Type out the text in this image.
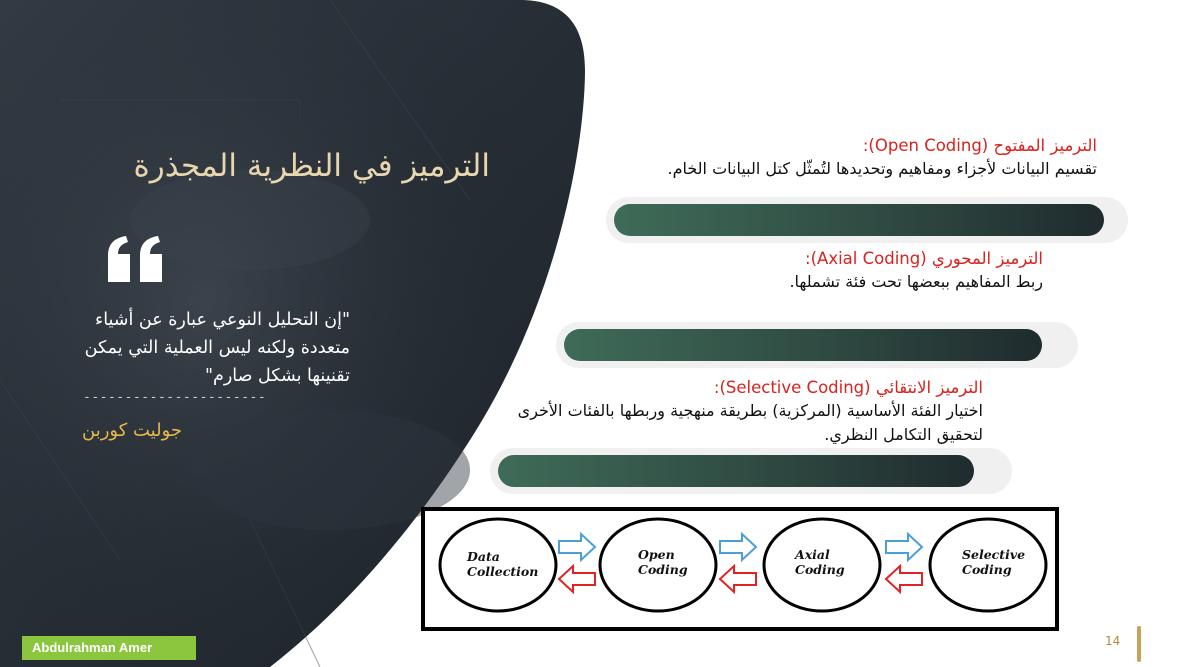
الترميز في النظرية المجذرة
"إن التحليل النوعي عبارة عن أشياء متعددة ولكنه ليس العملية التي يمكن تقنينها بشكل صارم"
----------------------
جوليت كوربن
الترميز المفتوح (Open Coding):
تقسيم البيانات لأجزاء ومفاهيم وتحديدها لتُمثّل كتل البيانات الخام.
الترميز المحوري (Axial Coding):
ربط المفاهيم ببعضها تحت فئة تشملها.
الترميز الانتقائي (Selective Coding):
اختيار الفئة الأساسية (المركزية) بطريقة منهجية وربطها بالفئات الأخرى
لتحقيق التكامل النظري.
Data
Collection
Open
Coding
Axial
Coding
Selective
Coding
Abdulrahman Amer	14
